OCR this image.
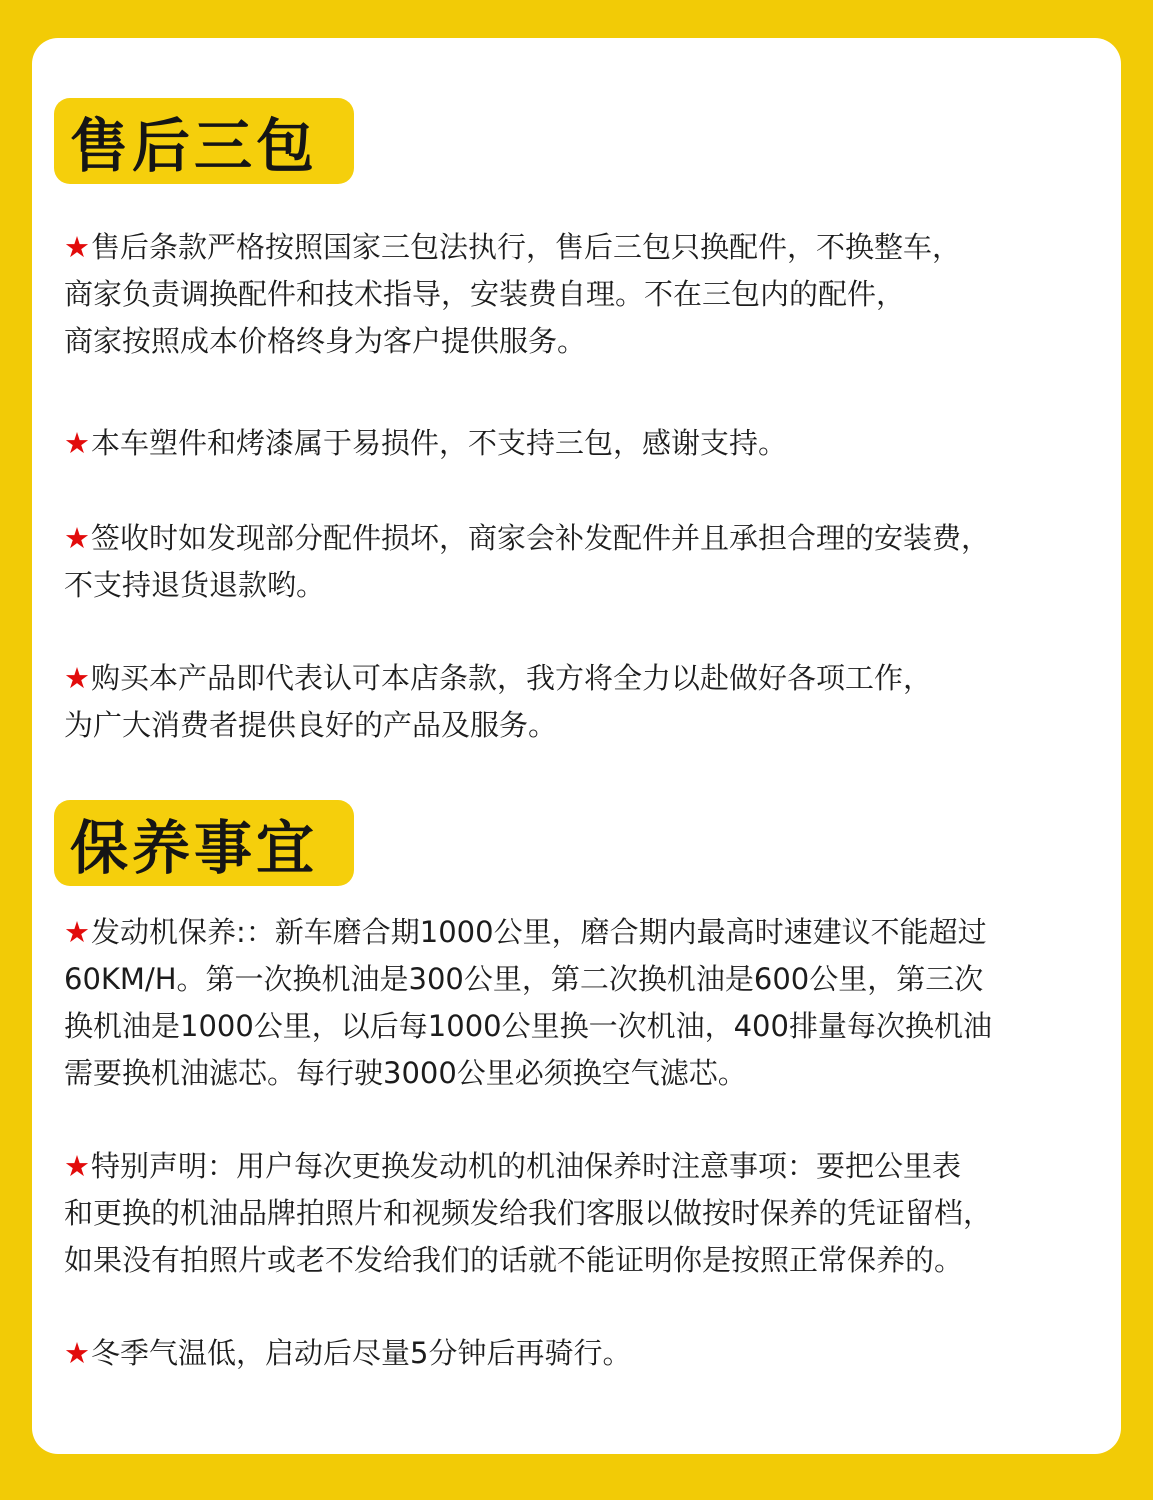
售后三包

★售后条款严格按照国家三包法执行，售后三包只换配件，不换整车，
商家负责调换配件和技术指导，安装费自理。不在三包内的配件，
商家按照成本价格终身为客户提供服务。

★本车塑件和烤漆属于易损件，不支持三包，感谢支持。

★签收时如发现部分配件损坏，商家会补发配件并且承担合理的安装费，
不支持退货退款哟。

★购买本产品即代表认可本店条款，我方将全力以赴做好各项工作，
为广大消费者提供良好的产品及服务。

保养事宜

★发动机保养:：新车磨合期1000公里，磨合期内最高时速建议不能超过
60KM/H。第一次换机油是300公里，第二次换机油是600公里，第三次
换机油是1000公里，以后每1000公里换一次机油，400排量每次换机油
需要换机油滤芯。每行驶3000公里必须换空气滤芯。

★特别声明：用户每次更换发动机的机油保养时注意事项：要把公里表
和更换的机油品牌拍照片和视频发给我们客服以做按时保养的凭证留档，
如果没有拍照片或老不发给我们的话就不能证明你是按照正常保养的。

★冬季气温低，启动后尽量5分钟后再骑行。
